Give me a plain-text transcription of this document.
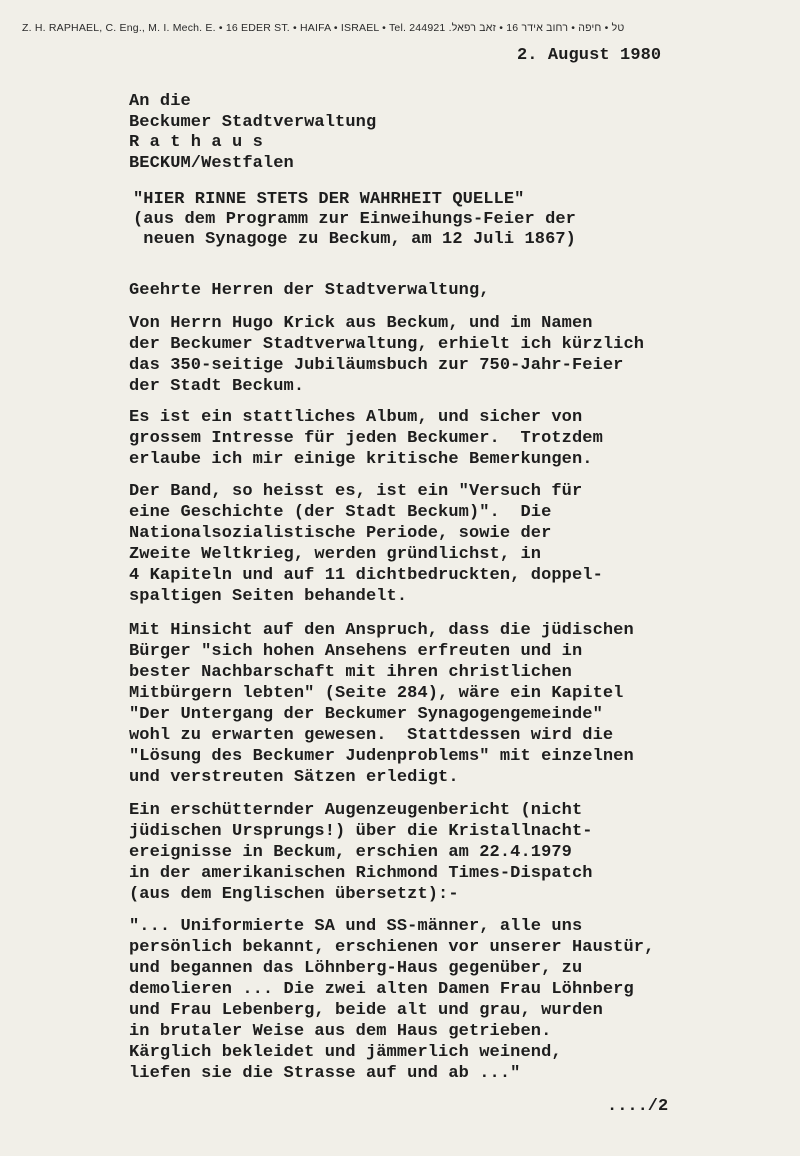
Z. H. RAPHAEL, C. Eng., M. I. Mech. E. • 16 EDER ST. • HAIFA • ISRAEL • Tel. 244921 .טל • חיפה • רחוב אידר 16 • זאב רפאל
2. August 1980
An die
Beckumer Stadtverwaltung
R a t h a u s
BECKUM/Westfalen
"HIER RINNE STETS DER WAHRHEIT QUELLE"
(aus dem Programm zur Einweihungs-Feier der
neuen Synagoge zu Beckum, am 12 Juli 1867)
Geehrte Herren der Stadtverwaltung,
Von Herrn Hugo Krick aus Beckum, und im Namen
der Beckumer Stadtverwaltung, erhielt ich kürzlich
das 350-seitige Jubiläumsbuch zur 750-Jahr-Feier
der Stadt Beckum.
Es ist ein stattliches Album, und sicher von
grossem Intresse für jeden Beckumer.  Trotzdem
erlaube ich mir einige kritische Bemerkungen.
Der Band, so heisst es, ist ein "Versuch für
eine Geschichte (der Stadt Beckum)".  Die
Nationalsozialistische Periode, sowie der
Zweite Weltkrieg, werden gründlichst, in
4 Kapiteln und auf 11 dichtbedruckten, doppel-
spaltigen Seiten behandelt.
Mit Hinsicht auf den Anspruch, dass die jüdischen
Bürger "sich hohen Ansehens erfreuten und in
bester Nachbarschaft mit ihren christlichen
Mitbürgern lebten" (Seite 284), wäre ein Kapitel
"Der Untergang der Beckumer Synagogengemeinde"
wohl zu erwarten gewesen.  Stattdessen wird die
"Lösung des Beckumer Judenproblems" mit einzelnen
und verstreuten Sätzen erledigt.
Ein erschütternder Augenzeugenbericht (nicht
jüdischen Ursprungs!) über die Kristallnacht-
ereignisse in Beckum, erschien am 22.4.1979
in der amerikanischen Richmond Times-Dispatch
(aus dem Englischen übersetzt):-
"... Uniformierte SA und SS-männer, alle uns
persönlich bekannt, erschienen vor unserer Haustür,
und begannen das Löhnberg-Haus gegenüber, zu
demolieren ... Die zwei alten Damen Frau Löhnberg
und Frau Lebenberg, beide alt und grau, wurden
in brutaler Weise aus dem Haus getrieben.
Kärglich bekleidet und jämmerlich weinend,
liefen sie die Strasse auf und ab ..."
..../2
